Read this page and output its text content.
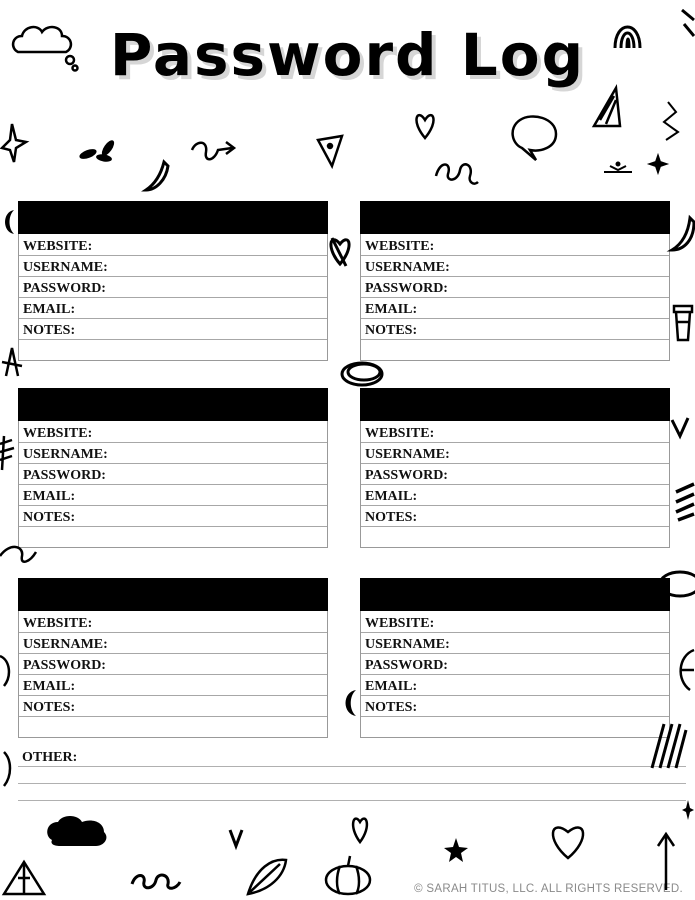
Password Log
WEBSITE:
USERNAME:
PASSWORD:
EMAIL:
NOTES:
WEBSITE:
USERNAME:
PASSWORD:
EMAIL:
NOTES:
WEBSITE:
USERNAME:
PASSWORD:
EMAIL:
NOTES:
WEBSITE:
USERNAME:
PASSWORD:
EMAIL:
NOTES:
WEBSITE:
USERNAME:
PASSWORD:
EMAIL:
NOTES:
WEBSITE:
USERNAME:
PASSWORD:
EMAIL:
NOTES:
OTHER:
© SARAH TITUS, LLC. ALL RIGHTS RESERVED.
